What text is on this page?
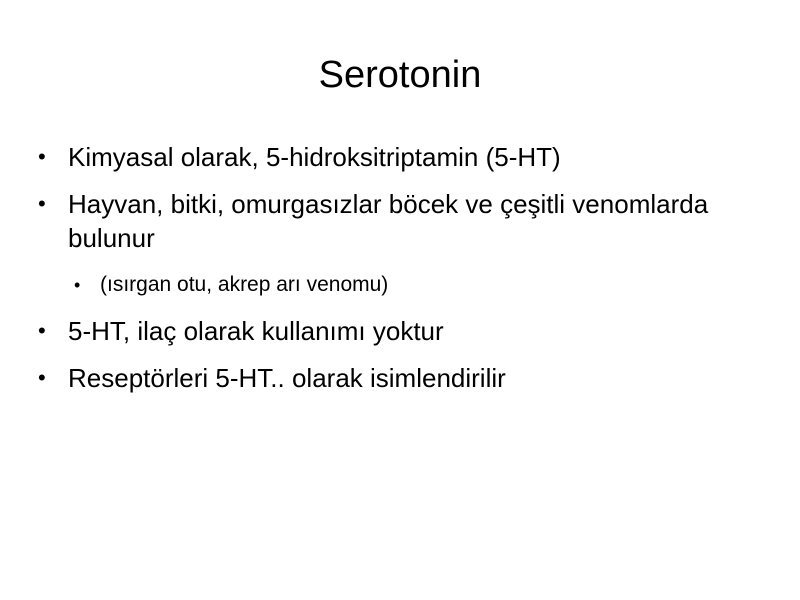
Serotonin
• Kimyasal olarak, 5-hidroksitriptamin (5-HT)
• Hayvan, bitki, omurgasızlar böcek ve çeşitli venomlarda bulunur
• (ısırgan otu, akrep arı venomu)
• 5-HT, ilaç olarak kullanımı yoktur
• Reseptörleri 5-HT.. olarak isimlendirilir
